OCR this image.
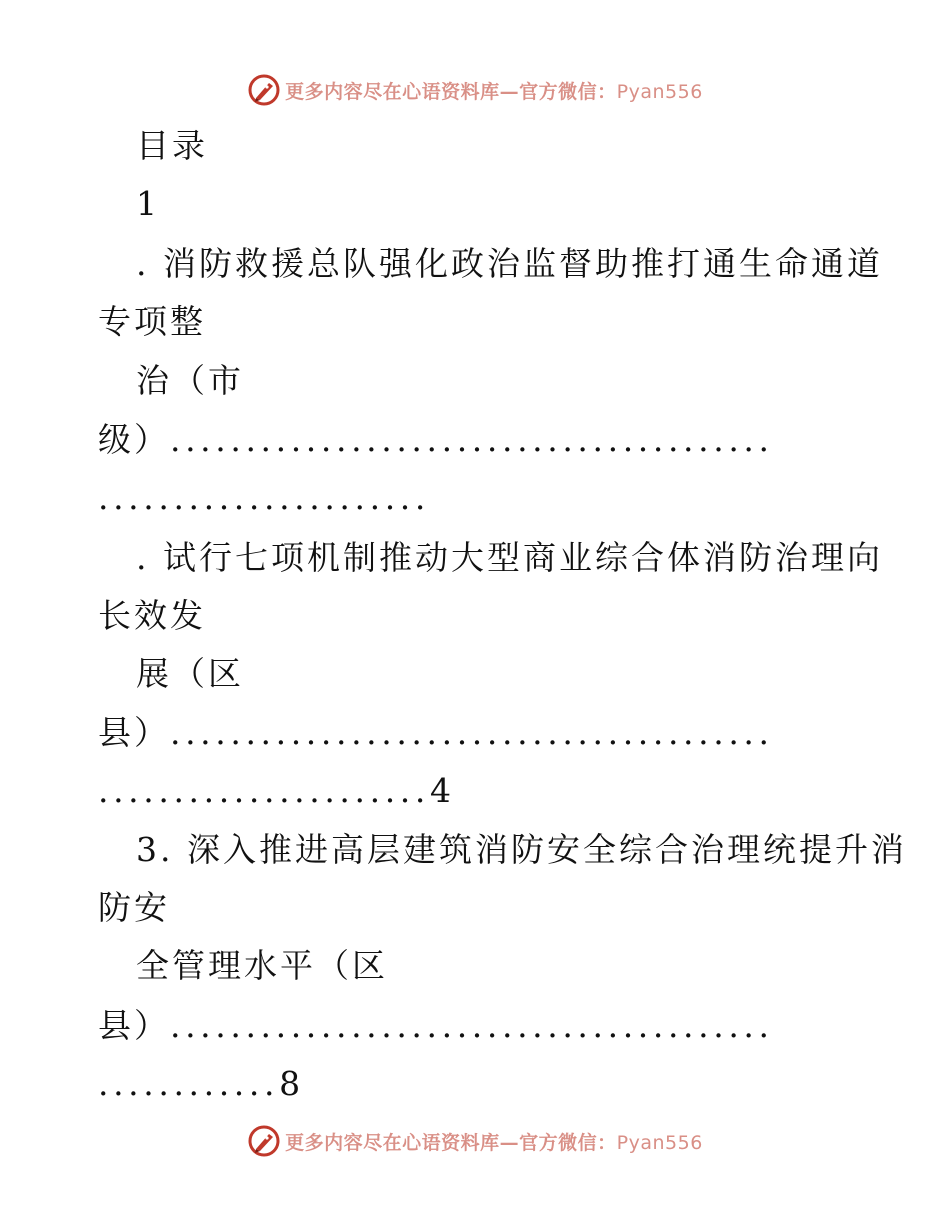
更多内容尽在心语资料库—官方微信：Pyan556
目录
1
. 消防救援总队强化政治监督助推打通生命通道
专项整
治（市
级）........................................
......................
. 试行七项机制推动大型商业综合体消防治理向
长效发
展（区
县）........................................
......................4
3. 深入推进高层建筑消防安全综合治理统提升消
防安
全管理水平（区
县）........................................
............8
更多内容尽在心语资料库—官方微信：Pyan556
